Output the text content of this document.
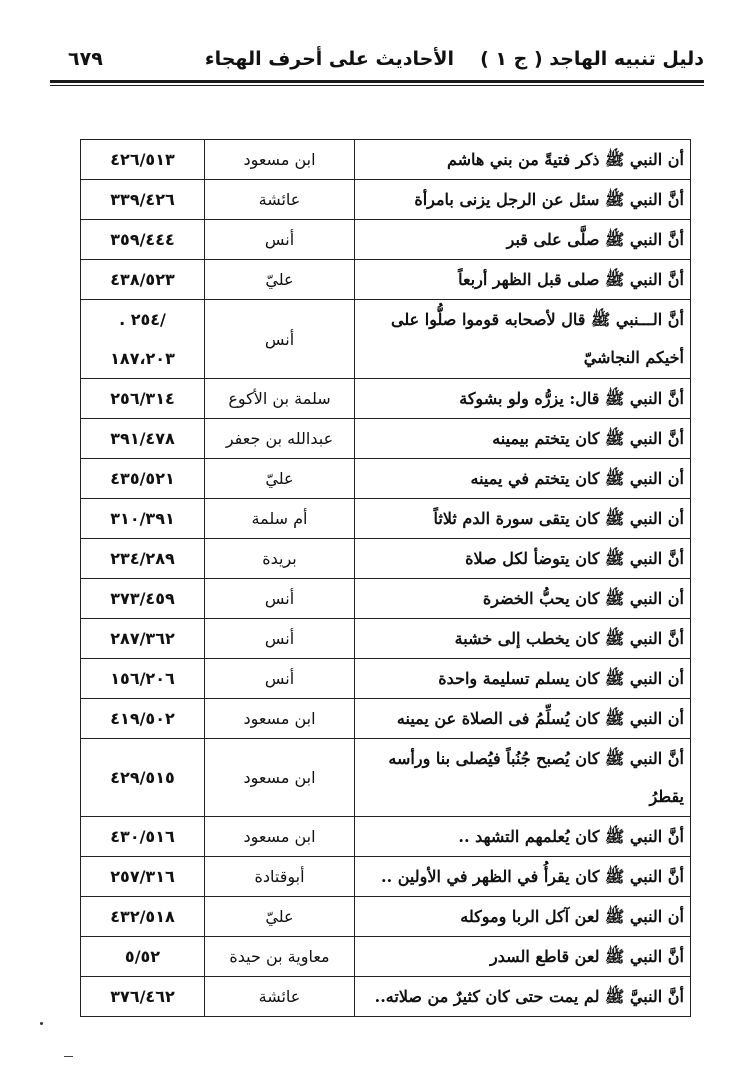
دليل تنبيه الهاجد ( ج ١ )
الأحاديث على أحرف الهجاء
٦٧٩
أن النبي ﷺ ذكر فتيةً من بني هاشم	ابن مسعود	٤٢٦/٥١٣
أنَّ النبي ﷺ سئل عن الرجل يزنى بامرأة	عائشة	٣٣٩/٤٢٦
أنَّ النبي ﷺ صلَّى على قبر	أنس	٣٥٩/٤٤٤
أنَّ النبي ﷺ صلى قبل الظهر أربعاً	عليّ	٤٣٨/٥٢٣
أنَّ الـــنبي ﷺ قال لأصحابه قوموا صلُّوا على أخيكم النجاشيّ	أنس	/٢٥٤ . ١٨٧،٢٠٣
أنَّ النبي ﷺ قال: يزرُّه ولو بشوكة	سلمة بن الأكوع	٢٥٦/٣١٤
أنَّ النبي ﷺ كان يتختم بيمينه	عبدالله بن جعفر	٣٩١/٤٧٨
أن النبي ﷺ كان يتختم في يمينه	عليّ	٤٣٥/٥٢١
أن النبي ﷺ كان يتقى سورة الدم ثلاثاً	أم سلمة	٣١٠/٣٩١
أنَّ النبي ﷺ كان يتوضأ لكل صلاة	بريدة	٢٣٤/٢٨٩
أن النبي ﷺ كان يحبُّ الخضرة	أنس	٣٧٣/٤٥٩
أنَّ النبي ﷺ كان يخطب إلى خشبة	أنس	٢٨٧/٣٦٢
أن النبي ﷺ كان يسلم تسليمة واحدة	أنس	١٥٦/٢٠٦
أن النبي ﷺ كان يُسلِّمُ فى الصلاة عن يمينه	ابن مسعود	٤١٩/٥٠٢
أنَّ النبي ﷺ كان يُصبح جُنُباً فيُصلى بنا ورأسه يقطرُ	ابن مسعود	٤٢٩/٥١٥
أنَّ النبي ﷺ كان يُعلمهم التشهد ..	ابن مسعود	٤٣٠/٥١٦
أنَّ النبي ﷺ كان يقرأُ في الظهر في الأولين ..	أبوقتادة	٢٥٧/٣١٦
أن النبي ﷺ لعن آكل الربا وموكله	عليّ	٤٣٢/٥١٨
أنَّ النبي ﷺ لعن قاطع السدر	معاوية بن حيدة	٥/٥٢
أنَّ النبيَّ ﷺ لم يمت حتى كان كثيرٌ من صلاته..	عائشة	٣٧٦/٤٦٢
